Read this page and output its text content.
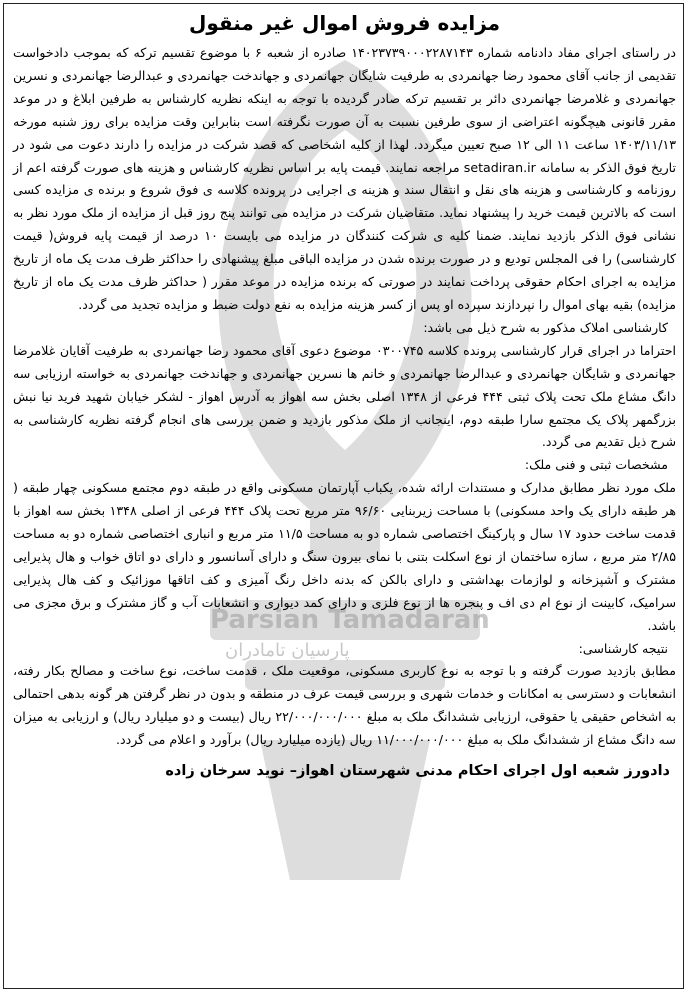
Parsian Tamadaran
پارسیان تامادران
مزایده فروش اموال غیر منقول

در راستای اجرای مفاد دادنامه شماره ۱۴۰۲۳۷۳۹۰۰۰۲۲۸۷۱۴۳ صادره از شعبه ۶ با موضوع تقسیم ترکه که بموجب دادخواست تقدیمی از جانب آقای محمود رضا جهانمردی به طرفیت شایگان جهانمردی و جهاندخت جهانمردی و عبدالرضا جهانمردی و نسرین جهانمردی و غلامرضا جهانمردی دائر بر تقسیم ترکه صادر گردیده با توجه به اینکه نظریه کارشناس به طرفین ابلاغ و در موعد مقرر قانونی هیچگونه اعتراضی از سوی طرفین نسبت به آن صورت نگرفته است بنابراین وقت مزایده برای روز شنبه مورخه ۱۴۰۳/۱۱/۱۳ ساعت ۱۱ الی ۱۲ صبح تعیین میگردد. لهذا از کلیه اشخاصی که قصد شرکت در مزایده را دارند دعوت می شود در تاریخ فوق الذکر به سامانه setadiran.ir مراجعه نمایند. قیمت پایه بر اساس نظریه کارشناس و هزینه های صورت گرفته اعم از روزنامه و کارشناسی و هزینه های نقل و انتقال سند و هزینه ی اجرایی در پرونده کلاسه ی فوق شروع و برنده ی مزایده کسی است که بالاترین قیمت خرید را پیشنهاد نماید. متقاضیان شرکت در مزایده می توانند پنج روز قبل از مزایده از ملک مورد نظر به نشانی فوق الذکر بازدید نمایند. ضمنا کلیه ی شرکت کنندگان در مزایده می بایست ۱۰ درصد از قیمت پایه فروش( قیمت کارشناسی) را فی المجلس تودیع و در صورت برنده شدن در مزایده الباقی مبلغ پیشنهادی را حداکثر ظرف مدت یک ماه از تاریخ مزایده به اجرای احکام حقوقی پرداخت نمایند در صورتی که برنده مزایده در موعد مقرر ( حداکثر ظرف مدت یک ماه از تاریخ مزایده) بقیه بهای اموال را نپردازند سپرده او پس از کسر هزینه مزایده به نفع دولت ضبط و مزایده تجدید می گردد.

کارشناسی املاک مذکور به شرح ذیل می باشد:

احتراما در اجرای قرار کارشناسی پرونده کلاسه ۰۳۰۰۷۴۵ موضوع دعوی آقای محمود رضا جهانمردی به طرفیت آقایان غلامرضا جهانمردی و شایگان جهانمردی و عبدالرضا جهانمردی و خانم ها نسرین جهانمردی و جهاندخت جهانمردی به خواسته ارزیابی سه دانگ مشاع ملک تحت پلاک ثبتی ۴۴۴ فرعی از ۱۳۴۸ اصلی بخش سه اهواز به آدرس اهواز - لشکر خیابان شهید فرید نیا نبش بزرگمهر پلاک یک مجتمع سارا طبقه دوم، اینجانب از ملک مذکور بازدید و ضمن بررسی های انجام گرفته نظریه کارشناسی به شرح ذیل تقدیم می گردد.

مشخصات ثبتی و فنی ملک:

ملک مورد نظر مطابق مدارک و مستندات ارائه شده، یکباب آپارتمان مسکونی واقع در طبقه دوم مجتمع مسکونی چهار طبقه ( هر طبقه دارای یک واحد مسکونی) با مساحت زیربنایی ۹۶/۶۰ متر مربع تحت پلاک ۴۴۴ فرعی از اصلی ۱۳۴۸ بخش سه اهواز با قدمت ساخت حدود ۱۷ سال و پارکینگ اختصاصی شماره دو به مساحت ۱۱/۵ متر مربع و انباری اختصاصی شماره دو به مساحت ۲/۸۵ متر مربع ، سازه ساختمان از نوع اسکلت بتنی با نمای بیرون سنگ و دارای آسانسور و دارای دو اتاق خواب و هال پذیرایی مشترک و آشپزخانه و لوازمات بهداشتی و دارای بالکن که بدنه داخل رنگ آمیزی و کف اتاقها موزائیک و کف هال پذیرایی سرامیک، کابینت از نوع ام دی اف و پنجره ها از نوع فلزی و دارای کمد دیواری و انشعابات آب و گاز مشترک و برق مجزی می باشد.

نتیجه کارشناسی:

مطابق بازدید صورت گرفته و با توجه به نوع کاربری مسکونی، موقعیت ملک ، قدمت ساخت، نوع ساخت و مصالح بکار رفته، انشعابات و دسترسی به امکانات و خدمات شهری و بررسی قیمت عرف در منطقه و بدون در نظر گرفتن هر گونه بدهی احتمالی به اشخاص حقیقی یا حقوقی، ارزیابی ششدانگ ملک به مبلغ ۲۲/۰۰۰/۰۰۰/۰۰۰ ریال (بیست و دو میلیارد ریال) و ارزیابی به میزان سه دانگ مشاع از ششدانگ ملک به مبلغ ۱۱/۰۰۰/۰۰۰/۰۰۰ ریال (یازده میلیارد ریال) برآورد و اعلام می گردد.

دادورز شعبه اول اجرای احکام مدنی شهرستان اهواز– نوید سرخان زاده
